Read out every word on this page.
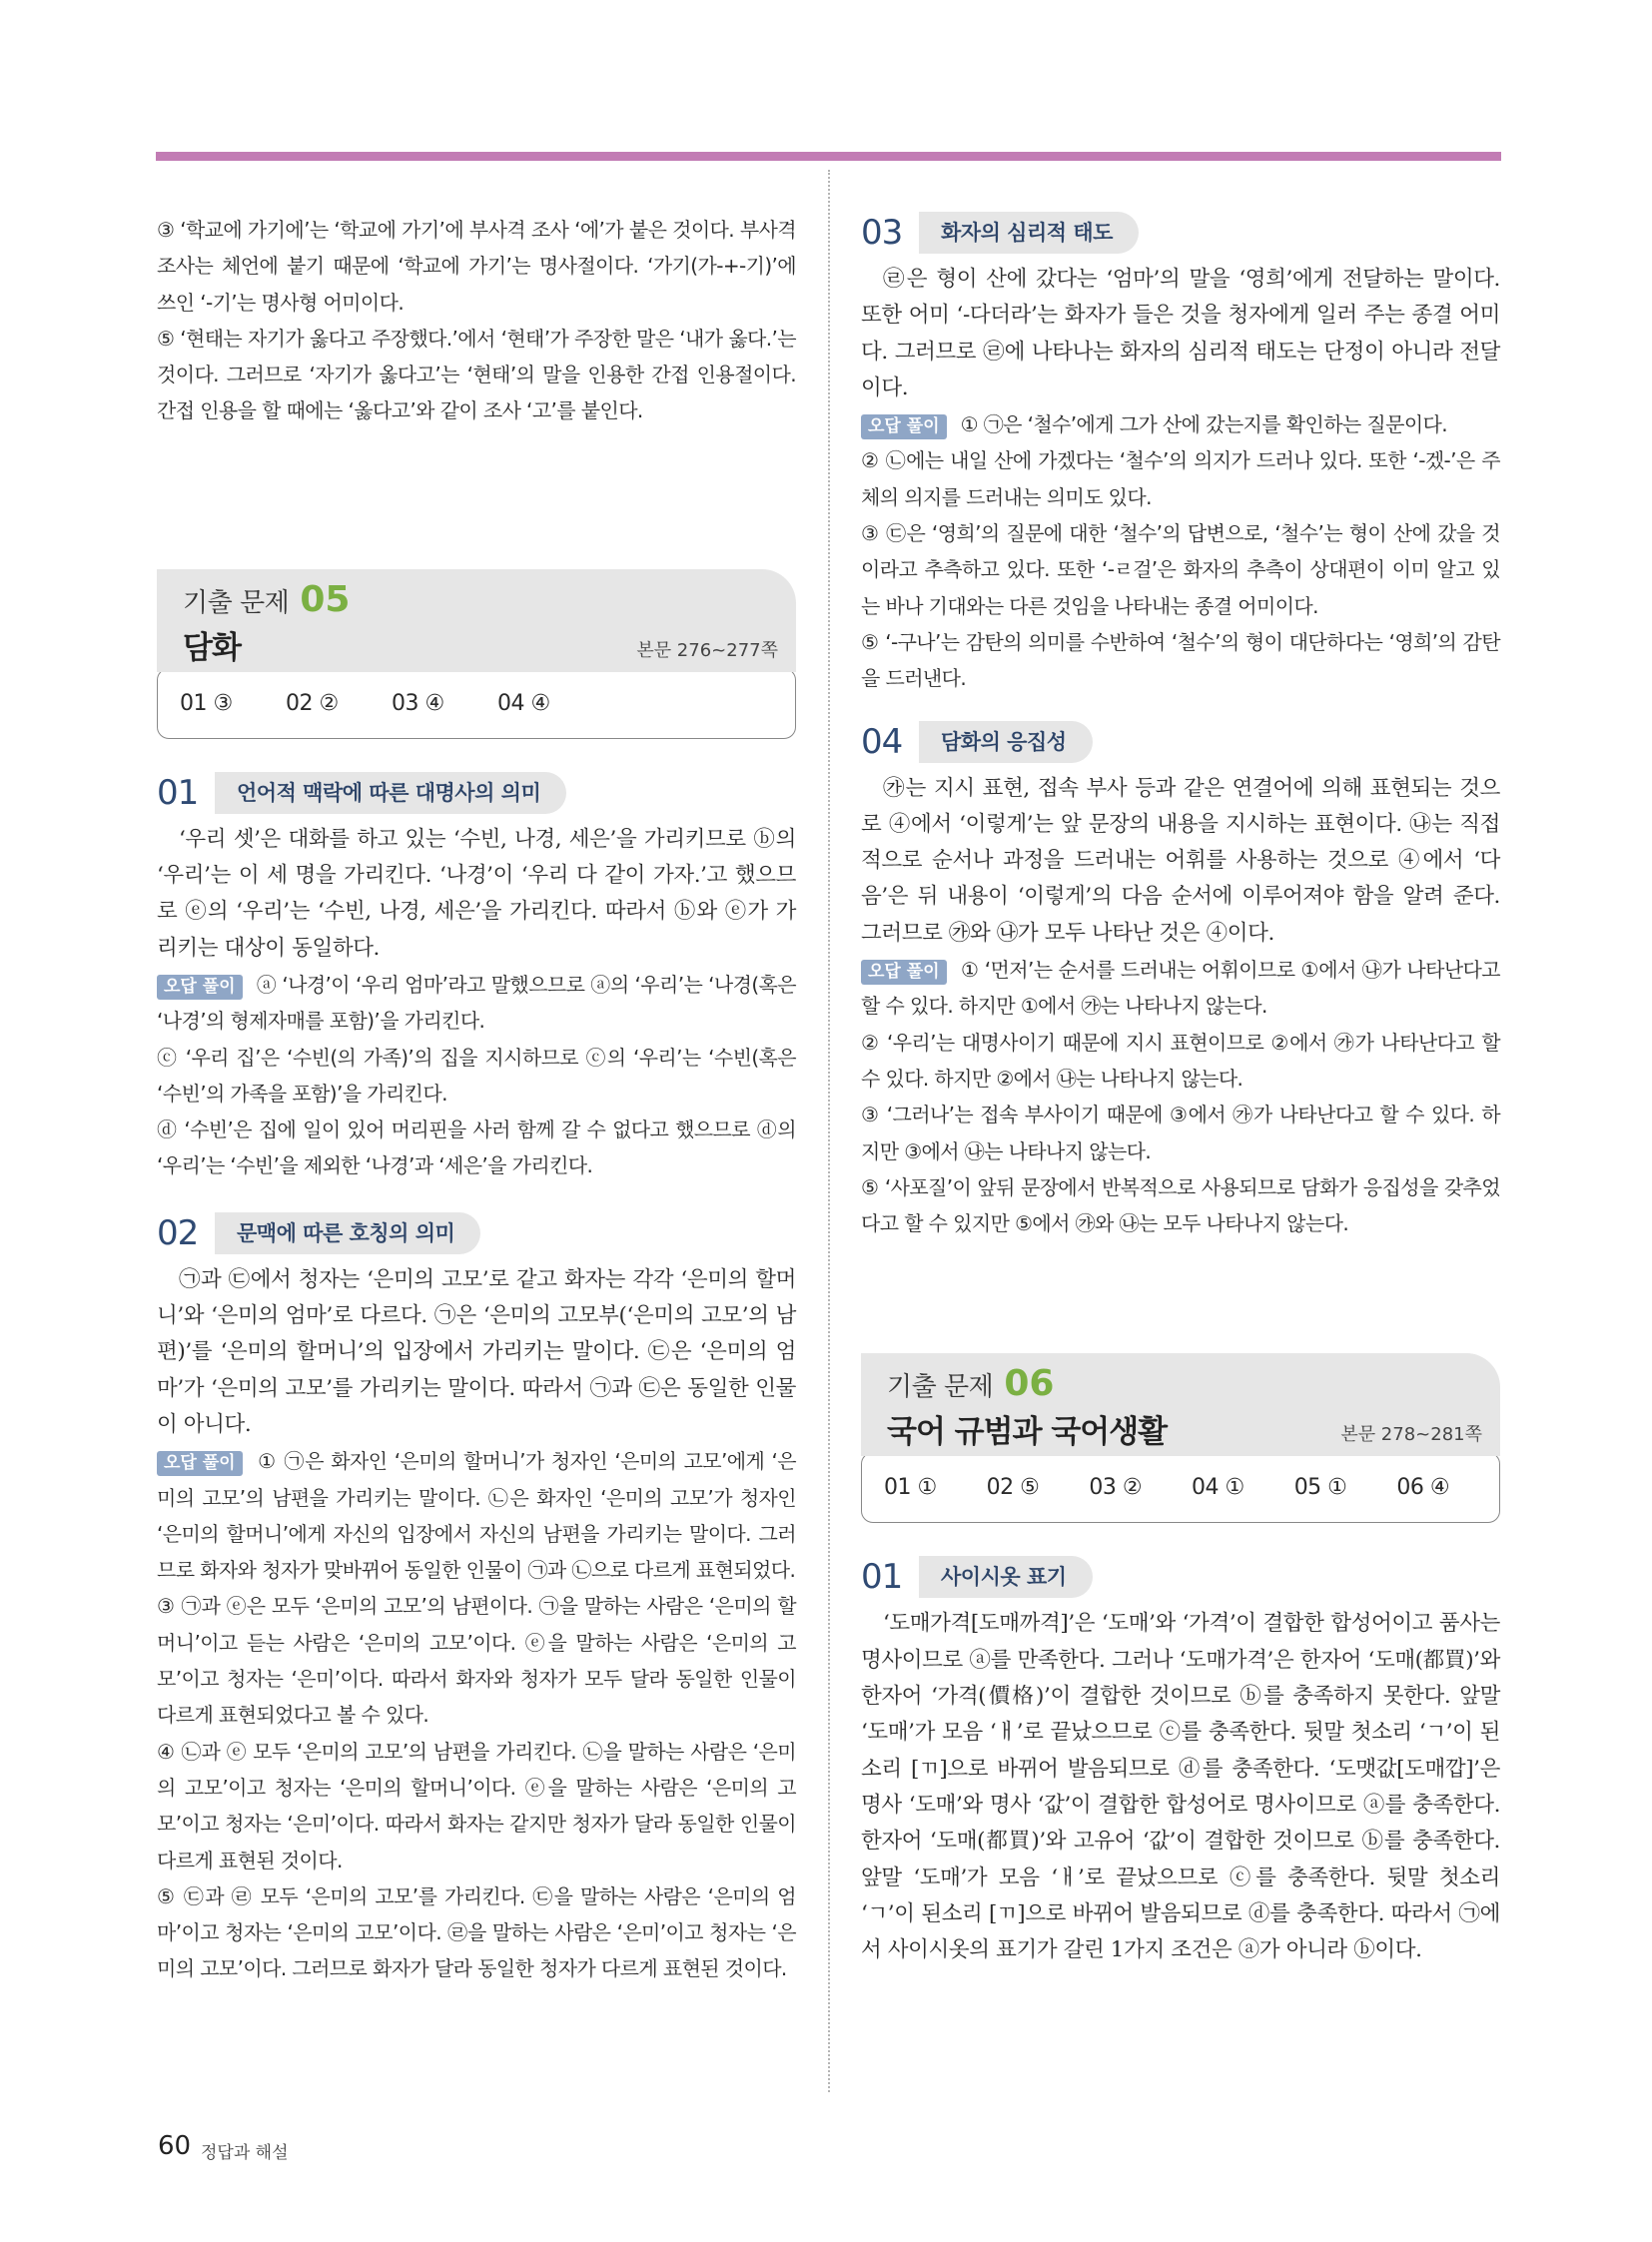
③ ‘학교에 가기에’는 ‘학교에 가기’에 부사격 조사 ‘에’가 붙은 것이다. 부사격 조사는 체언에 붙기 때문에 ‘학교에 가기’는 명사절이다. ‘가기(가-+-기)’에 쓰인 ‘-기’는 명사형 어미이다.

⑤ ‘현태는 자기가 옳다고 주장했다.’에서 ‘현태’가 주장한 말은 ‘내가 옳다.’는 것이다. 그러므로 ‘자기가 옳다고’는 ‘현태’의 말을 인용한 간접 인용절이다. 간접 인용을 할 때에는 ‘옳다고’와 같이 조사 ‘고’를 붙인다.

기출 문제 05
담화	본문 276~277쪽
01 ③	02 ②	03 ④	04 ④
01	언어적 맥락에 따른 대명사의 의미

‘우리 셋’은 대화를 하고 있는 ‘수빈, 나경, 세은’을 가리키므로 ⓑ의 ‘우리’는 이 세 명을 가리킨다. ‘나경’이 ‘우리 다 같이 가자.’고 했으므로 ⓔ의 ‘우리’는 ‘수빈, 나경, 세은’을 가리킨다. 따라서 ⓑ와 ⓔ가 가리키는 대상이 동일하다.

오답 풀이 ⓐ ‘나경’이 ‘우리 엄마’라고 말했으므로 ⓐ의 ‘우리’는 ‘나경(혹은 ‘나경’의 형제자매를 포함)’을 가리킨다.

ⓒ ‘우리 집’은 ‘수빈(의 가족)’의 집을 지시하므로 ⓒ의 ‘우리’는 ‘수빈(혹은 ‘수빈’의 가족을 포함)’을 가리킨다.

ⓓ ‘수빈’은 집에 일이 있어 머리핀을 사러 함께 갈 수 없다고 했으므로 ⓓ의 ‘우리’는 ‘수빈’을 제외한 ‘나경’과 ‘세은’을 가리킨다.

02	문맥에 따른 호칭의 의미

㉠과 ㉢에서 청자는 ‘은미의 고모’로 같고 화자는 각각 ‘은미의 할머니’와 ‘은미의 엄마’로 다르다. ㉠은 ‘은미의 고모부(‘은미의 고모’의 남편)’를 ‘은미의 할머니’의 입장에서 가리키는 말이다. ㉢은 ‘은미의 엄마’가 ‘은미의 고모’를 가리키는 말이다. 따라서 ㉠과 ㉢은 동일한 인물이 아니다.

오답 풀이 ① ㉠은 화자인 ‘은미의 할머니’가 청자인 ‘은미의 고모’에게 ‘은미의 고모’의 남편을 가리키는 말이다. ㉡은 화자인 ‘은미의 고모’가 청자인 ‘은미의 할머니’에게 자신의 입장에서 자신의 남편을 가리키는 말이다. 그러므로 화자와 청자가 맞바뀌어 동일한 인물이 ㉠과 ㉡으로 다르게 표현되었다.

③ ㉠과 ⓔ은 모두 ‘은미의 고모’의 남편이다. ㉠을 말하는 사람은 ‘은미의 할머니’이고 듣는 사람은 ‘은미의 고모’이다. ⓔ을 말하는 사람은 ‘은미의 고모’이고 청자는 ‘은미’이다. 따라서 화자와 청자가 모두 달라 동일한 인물이 다르게 표현되었다고 볼 수 있다.

④ ㉡과 ⓔ 모두 ‘은미의 고모’의 남편을 가리킨다. ㉡을 말하는 사람은 ‘은미의 고모’이고 청자는 ‘은미의 할머니’이다. ⓔ을 말하는 사람은 ‘은미의 고모’이고 청자는 ‘은미’이다. 따라서 화자는 같지만 청자가 달라 동일한 인물이 다르게 표현된 것이다.

⑤ ㉢과 ㉣ 모두 ‘은미의 고모’를 가리킨다. ㉢을 말하는 사람은 ‘은미의 엄마’이고 청자는 ‘은미의 고모’이다. ㉣을 말하는 사람은 ‘은미’이고 청자는 ‘은미의 고모’이다. 그러므로 화자가 달라 동일한 청자가 다르게 표현된 것이다.

03	화자의 심리적 태도

㉣은 형이 산에 갔다는 ‘엄마’의 말을 ‘영희’에게 전달하는 말이다. 또한 어미 ‘-다더라’는 화자가 들은 것을 청자에게 일러 주는 종결 어미다. 그러므로 ㉣에 나타나는 화자의 심리적 태도는 단정이 아니라 전달이다.

오답 풀이 ① ㉠은 ‘철수’에게 그가 산에 갔는지를 확인하는 질문이다.

② ㉡에는 내일 산에 가겠다는 ‘철수’의 의지가 드러나 있다. 또한 ‘-겠-’은 주체의 의지를 드러내는 의미도 있다.

③ ㉢은 ‘영희’의 질문에 대한 ‘철수’의 답변으로, ‘철수’는 형이 산에 갔을 것이라고 추측하고 있다. 또한 ‘-ㄹ걸’은 화자의 추측이 상대편이 이미 알고 있는 바나 기대와는 다른 것임을 나타내는 종결 어미이다.

⑤ ‘-구나’는 감탄의 의미를 수반하여 ‘철수’의 형이 대단하다는 ‘영희’의 감탄을 드러낸다.

04	담화의 응집성

㉮는 지시 표현, 접속 부사 등과 같은 연결어에 의해 표현되는 것으로 ④에서 ‘이렇게’는 앞 문장의 내용을 지시하는 표현이다. ㉯는 직접적으로 순서나 과정을 드러내는 어휘를 사용하는 것으로 ④에서 ‘다음’은 뒤 내용이 ‘이렇게’의 다음 순서에 이루어져야 함을 알려 준다. 그러므로 ㉮와 ㉯가 모두 나타난 것은 ④이다.

오답 풀이 ① ‘먼저’는 순서를 드러내는 어휘이므로 ①에서 ㉯가 나타난다고 할 수 있다. 하지만 ①에서 ㉮는 나타나지 않는다.

② ‘우리’는 대명사이기 때문에 지시 표현이므로 ②에서 ㉮가 나타난다고 할 수 있다. 하지만 ②에서 ㉯는 나타나지 않는다.

③ ‘그러나’는 접속 부사이기 때문에 ③에서 ㉮가 나타난다고 할 수 있다. 하지만 ③에서 ㉯는 나타나지 않는다.

⑤ ‘사포질’이 앞뒤 문장에서 반복적으로 사용되므로 담화가 응집성을 갖추었다고 할 수 있지만 ⑤에서 ㉮와 ㉯는 모두 나타나지 않는다.

기출 문제 06
국어 규범과 국어생활	본문 278~281쪽
01 ①	02 ⑤	03 ②	04 ①	05 ①	06 ④
01	사이시옷 표기

‘도매가격[도매까격]’은 ‘도매’와 ‘가격’이 결합한 합성어이고 품사는 명사이므로 ⓐ를 만족한다. 그러나 ‘도매가격’은 한자어 ‘도매(都買)’와 한자어 ‘가격(價格)’이 결합한 것이므로 ⓑ를 충족하지 못한다. 앞말 ‘도매’가 모음 ‘ㅐ’로 끝났으므로 ⓒ를 충족한다. 뒷말 첫소리 ‘ㄱ’이 된소리 [ㄲ]으로 바뀌어 발음되므로 ⓓ를 충족한다. ‘도맷값[도매깝]’은 명사 ‘도매’와 명사 ‘값’이 결합한 합성어로 명사이므로 ⓐ를 충족한다. 한자어 ‘도매(都買)’와 고유어 ‘값’이 결합한 것이므로 ⓑ를 충족한다. 앞말 ‘도매’가 모음 ‘ㅐ’로 끝났으므로 ⓒ를 충족한다. 뒷말 첫소리 ‘ㄱ’이 된소리 [ㄲ]으로 바뀌어 발음되므로 ⓓ를 충족한다. 따라서 ㉠에서 사이시옷의 표기가 갈린 1가지 조건은 ⓐ가 아니라 ⓑ이다.

60 정답과 해설
